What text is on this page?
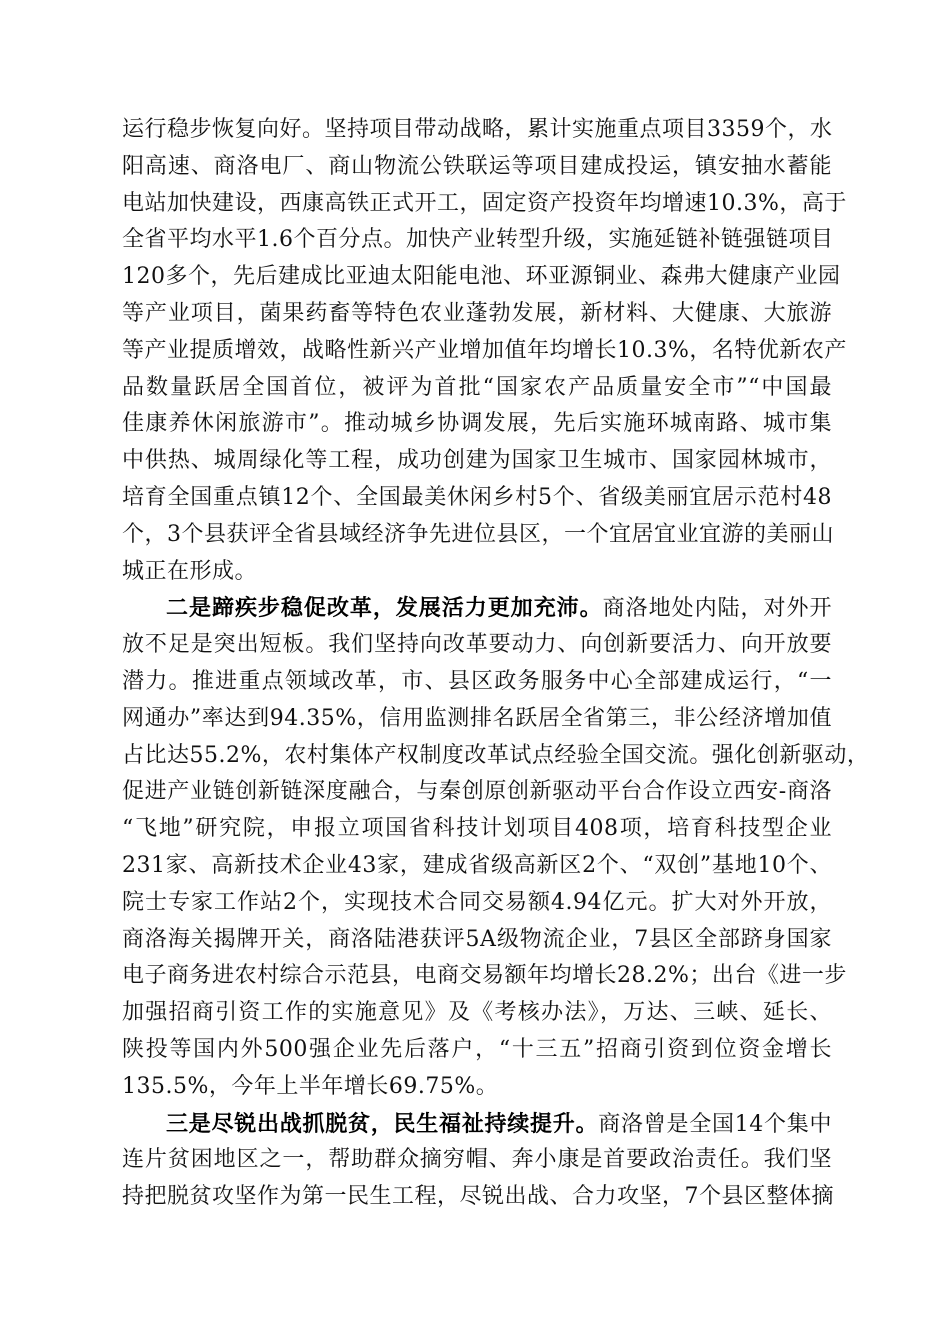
运行稳步恢复向好。坚持项目带动战略，累计实施重点项目3359个，水
阳高速、商洛电厂、商山物流公铁联运等项目建成投运，镇安抽水蓄能
电站加快建设，西康高铁正式开工，固定资产投资年均增速10.3%，高于
全省平均水平1.6个百分点。加快产业转型升级，实施延链补链强链项目
120多个，先后建成比亚迪太阳能电池、环亚源铜业、森弗大健康产业园
等产业项目，菌果药畜等特色农业蓬勃发展，新材料、大健康、大旅游
等产业提质增效，战略性新兴产业增加值年均增长10.3%，名特优新农产
品数量跃居全国首位，被评为首批“国家农产品质量安全市”“中国最
佳康养休闲旅游市”。推动城乡协调发展，先后实施环城南路、城市集
中供热、城周绿化等工程，成功创建为国家卫生城市、国家园林城市，
培育全国重点镇12个、全国最美休闲乡村5个、省级美丽宜居示范村48
个，3个县获评全省县域经济争先进位县区，一个宜居宜业宜游的美丽山
城正在形成。
二是蹄疾步稳促改革，发展活力更加充沛。商洛地处内陆，对外开
放不足是突出短板。我们坚持向改革要动力、向创新要活力、向开放要
潜力。推进重点领域改革，市、县区政务服务中心全部建成运行，“一
网通办”率达到94.35%，信用监测排名跃居全省第三，非公经济增加值
占比达55.2%，农村集体产权制度改革试点经验全国交流。强化创新驱动，
促进产业链创新链深度融合，与秦创原创新驱动平台合作设立西安-商洛
“飞地”研究院，申报立项国省科技计划项目408项，培育科技型企业
231家、高新技术企业43家，建成省级高新区2个、“双创”基地10个、
院士专家工作站2个，实现技术合同交易额4.94亿元。扩大对外开放，
商洛海关揭牌开关，商洛陆港获评5A级物流企业，7县区全部跻身国家
电子商务进农村综合示范县，电商交易额年均增长28.2%；出台《进一步
加强招商引资工作的实施意见》及《考核办法》，万达、三峡、延长、
陕投等国内外500强企业先后落户，“十三五”招商引资到位资金增长
135.5%，今年上半年增长69.75%。
三是尽锐出战抓脱贫，民生福祉持续提升。商洛曾是全国14个集中
连片贫困地区之一，帮助群众摘穷帽、奔小康是首要政治责任。我们坚
持把脱贫攻坚作为第一民生工程，尽锐出战、合力攻坚，7个县区整体摘
